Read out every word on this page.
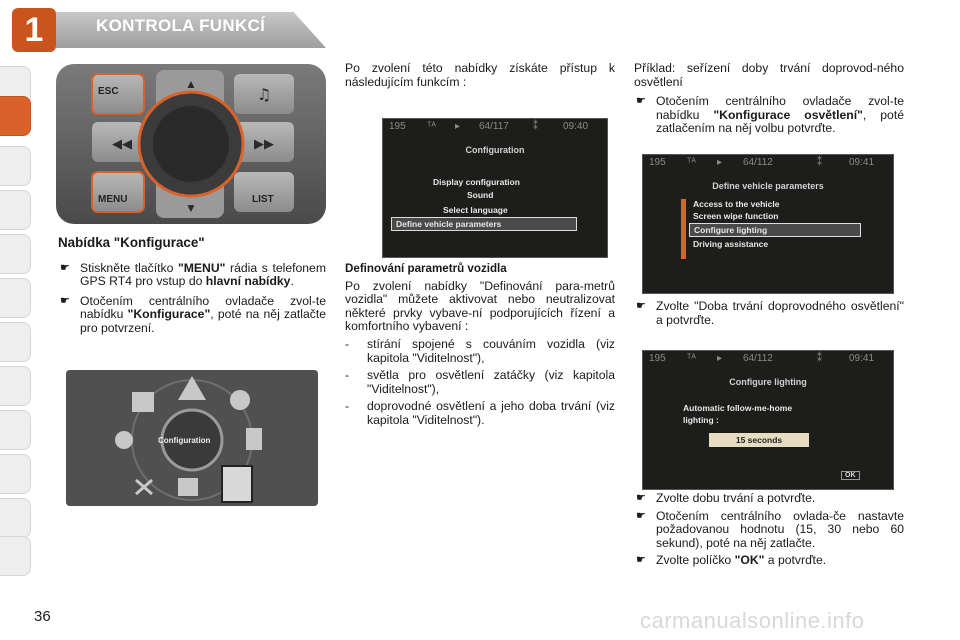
1	KONTROLA FUNKCÍ
▲
▼
◀◀	▶▶
♫
ESC
MENU	LIST

Nabídka "Konfigurace"

☛ Stiskněte tlačítko "MENU" rádia s telefonem GPS RT4 pro vstup do hlavní nabídky.
☛ Otočením centrálního ovladače zvol-te nabídku "Konfigurace", poté na něj zatlačte pro potvrzení.
Configuration
Po zvolení této nabídky získáte přístup k následujícím funkcím :
195 ᵀᴬ ▸ 64/117 ⁑	09:40
Configuration
Display configuration
Sound
Select language
Define vehicle parameters

Definování parametrů vozidla

Po zvolení nabídky "Definování para-metrů vozidla" můžete aktivovat nebo neutralizovat některé prvky vybave-ní podporujících řízení a komfortního vybavení :

- stírání spojené s couváním vozidla (viz kapitola "Viditelnost"),
- světla pro osvětlení zatáčky (viz kapitola "Viditelnost"),
- doprovodné osvětlení a jeho doba trvání (viz kapitola "Viditelnost").

Příklad: seřízení doby trvání doprovod-ného osvětlení

☛ Otočením centrálního ovladače zvol-te nabídku "Konfigurace osvětlení", poté zatlačením na něj volbu potvrďte.
195 ᵀᴬ ▸ 64/112	⁑	09:41
Define vehicle parameters
Access to the vehicle
Screen wipe function
Configure lighting
Driving assistance
☛ Zvolte "Doba trvání doprovodného osvětlení" a potvrďte.
195 ᵀᴬ ▸ 64/112	⁑	09:41
Configure lighting
Automatic follow-me-home
lighting :
15 seconds
OK
☛ Zvolte dobu trvání a potvrďte.
☛ Otočením centrálního ovlada-če nastavte požadovanou hodnotu (15, 30 nebo 60 sekund), poté na něj zatlačte.
☛ Zvolte políčko "OK" a potvrďte.
36	carmanualsonline.info
